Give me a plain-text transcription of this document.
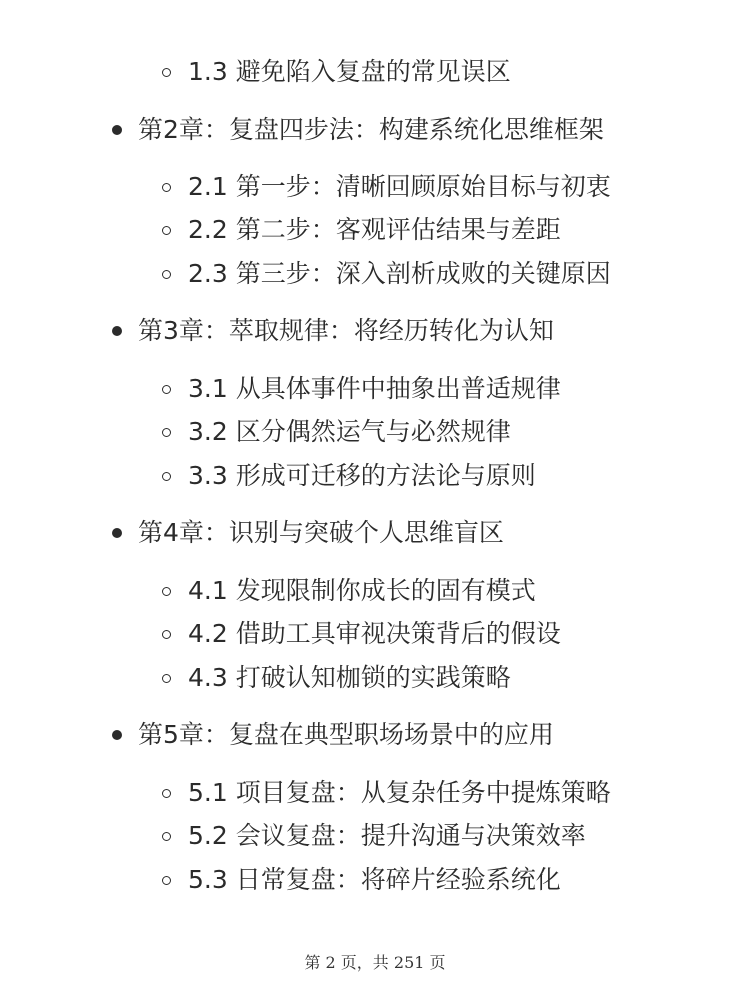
1.3 避免陷入复盘的常见误区
第2章：复盘四步法：构建系统化思维框架
2.1 第一步：清晰回顾原始目标与初衷
2.2 第二步：客观评估结果与差距
2.3 第三步：深入剖析成败的关键原因
第3章：萃取规律：将经历转化为认知
3.1 从具体事件中抽象出普适规律
3.2 区分偶然运气与必然规律
3.3 形成可迁移的方法论与原则
第4章：识别与突破个人思维盲区
4.1 发现限制你成长的固有模式
4.2 借助工具审视决策背后的假设
4.3 打破认知枷锁的实践策略
第5章：复盘在典型职场场景中的应用
5.1 项目复盘：从复杂任务中提炼策略
5.2 会议复盘：提升沟通与决策效率
5.3 日常复盘：将碎片经验系统化
第 2 页，共 251 页
